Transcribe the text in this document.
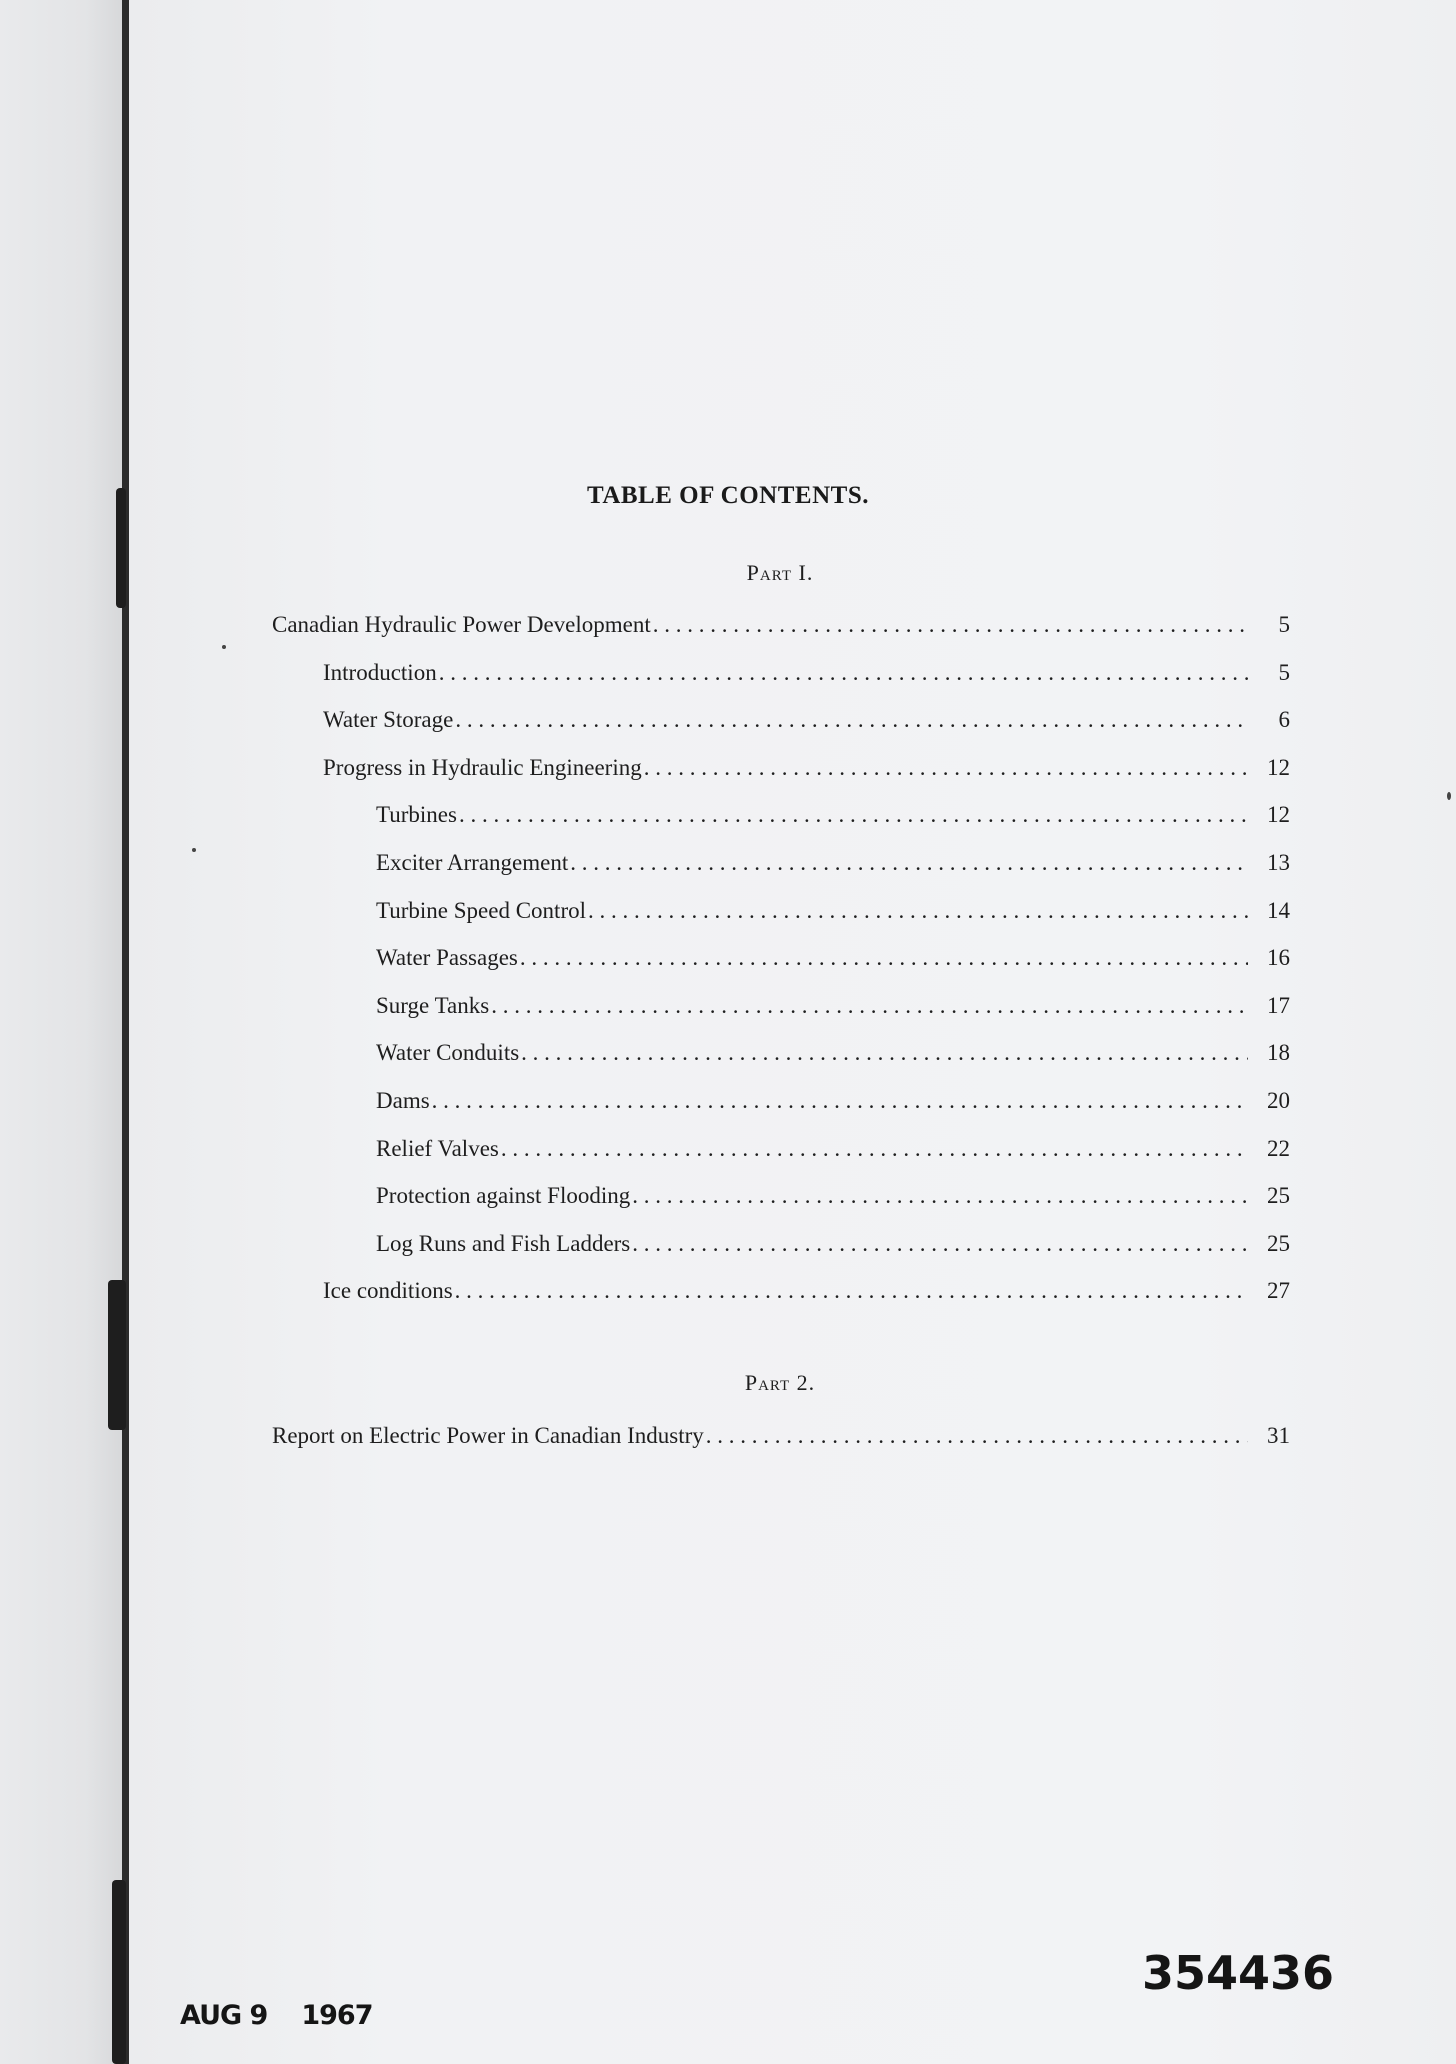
TABLE OF CONTENTS.
Part I.
Canadian Hydraulic Power Development . . .	5
Introduction . . .	5
Water Storage . . .	6
Progress in Hydraulic Engineering . . .	12
Turbines . . .	12
Exciter Arrangement . . .	13
Turbine Speed Control . . .	14
Water Passages . . .	16
Surge Tanks . . .	17
Water Conduits . . .	18
Dams . . .	20
Relief Valves . . .	22
Protection against Flooding . . .	25
Log Runs and Fish Ladders . . .	25
Ice conditions . . .	27
Part 2.
Report on Electric Power in Canadian Industry . . .	31
AUG 9 1967
354436
